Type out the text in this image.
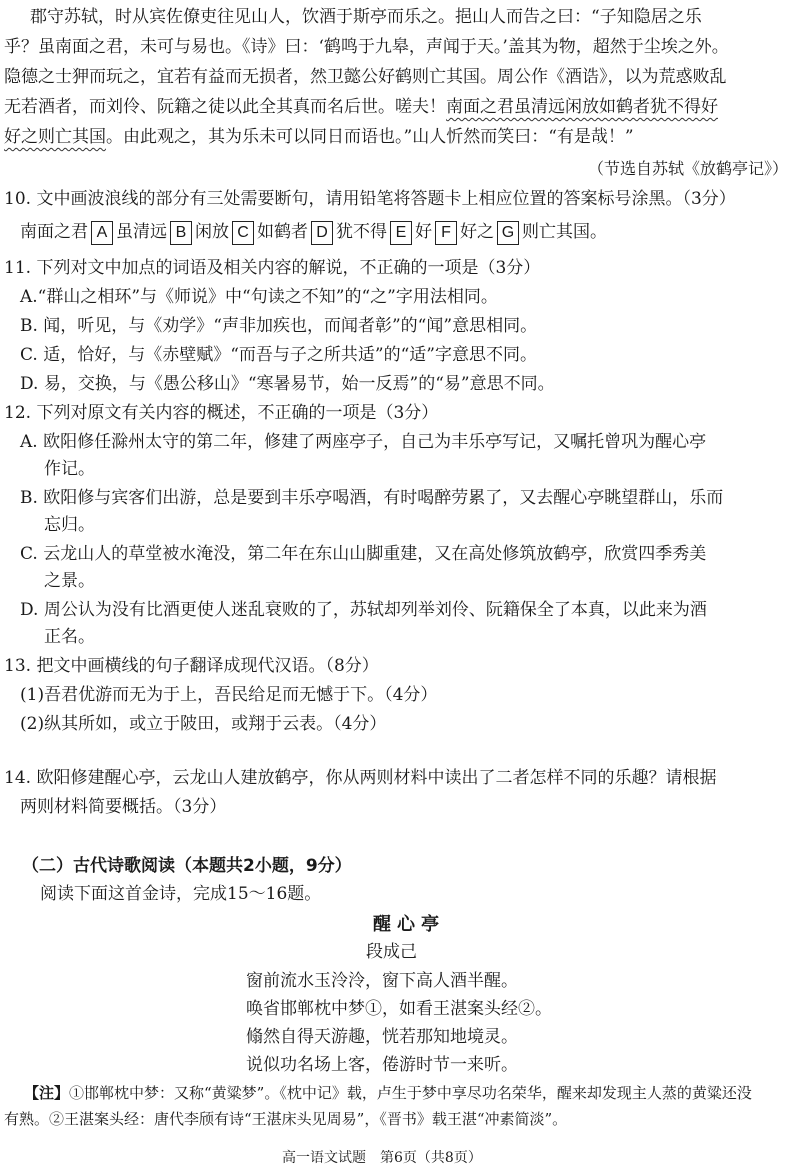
郡守苏轼，时从宾佐僚吏往见山人，饮酒于斯亭而乐之。挹山人而告之曰：“子知隐居之乐
乎？虽南面之君，未可与易也。《诗》曰：‘鹤鸣于九皋，声闻于天。’盖其为物，超然于尘埃之外。
隐德之士狎而玩之，宜若有益而无损者，然卫懿公好鹤则亡其国。周公作《酒诰》，以为荒惑败乱
无若酒者，而刘伶、阮籍之徒以此全其真而名后世。嗟夫！南面之君虽清远闲放如鹤者犹不得好
好之则亡其国。由此观之，其为乐未可以同日而语也。”山人忻然而笑曰：“有是哉！”
（节选自苏轼《放鹤亭记》）
10. 文中画波浪线的部分有三处需要断句，请用铅笔将答题卡上相应位置的答案标号涂黑。（3分）
南面之君 A 虽清远 B 闲放 C 如鹤者 D 犹不得 E 好 F 好之 G 则亡其国。
11. 下列对文中加点的词语及相关内容的解说，不正确的一项是（3分）
A.“群山之相环”与《师说》中“句读之不知”的“之”字用法相同。
B. 闻，听见，与《劝学》“声非加疾也，而闻者彰”的“闻”意思相同。
C. 适，恰好，与《赤壁赋》“而吾与子之所共适”的“适”字意思不同。
D. 易，交换，与《愚公移山》“寒暑易节，始一反焉”的“易”意思不同。
12. 下列对原文有关内容的概述，不正确的一项是（3分）
A. 欧阳修任滁州太守的第二年，修建了两座亭子，自己为丰乐亭写记，又嘱托曾巩为醒心亭
作记。
B. 欧阳修与宾客们出游，总是要到丰乐亭喝酒，有时喝醉劳累了，又去醒心亭眺望群山，乐而
忘归。
C. 云龙山人的草堂被水淹没，第二年在东山山脚重建，又在高处修筑放鹤亭，欣赏四季秀美
之景。
D. 周公认为没有比酒更使人迷乱衰败的了，苏轼却列举刘伶、阮籍保全了本真，以此来为酒
正名。
13. 把文中画横线的句子翻译成现代汉语。（8分）
(1)吾君优游而无为于上，吾民给足而无憾于下。（4分）
(2)纵其所如，或立于陂田，或翔于云表。（4分）
14. 欧阳修建醒心亭，云龙山人建放鹤亭，你从两则材料中读出了二者怎样不同的乐趣？请根据
两则材料简要概括。（3分）
（二）古代诗歌阅读（本题共2小题，9分）
阅读下面这首金诗，完成15～16题。
醒心亭
段成己
窗前流水玉泠泠，窗下高人酒半醒。
唤省邯郸枕中梦①，如看王湛案头经②。
翛然自得天游趣，恍若那知地境灵。
说似功名场上客，倦游时节一来听。
【注】①邯郸枕中梦：又称“黄粱梦”。《枕中记》载，卢生于梦中享尽功名荣华，醒来却发现主人蒸的黄粱还没
有熟。②王湛案头经：唐代李颀有诗“王湛床头见周易”，《晋书》载王湛“冲素简淡”。
高一语文试题　第6页（共8页）
